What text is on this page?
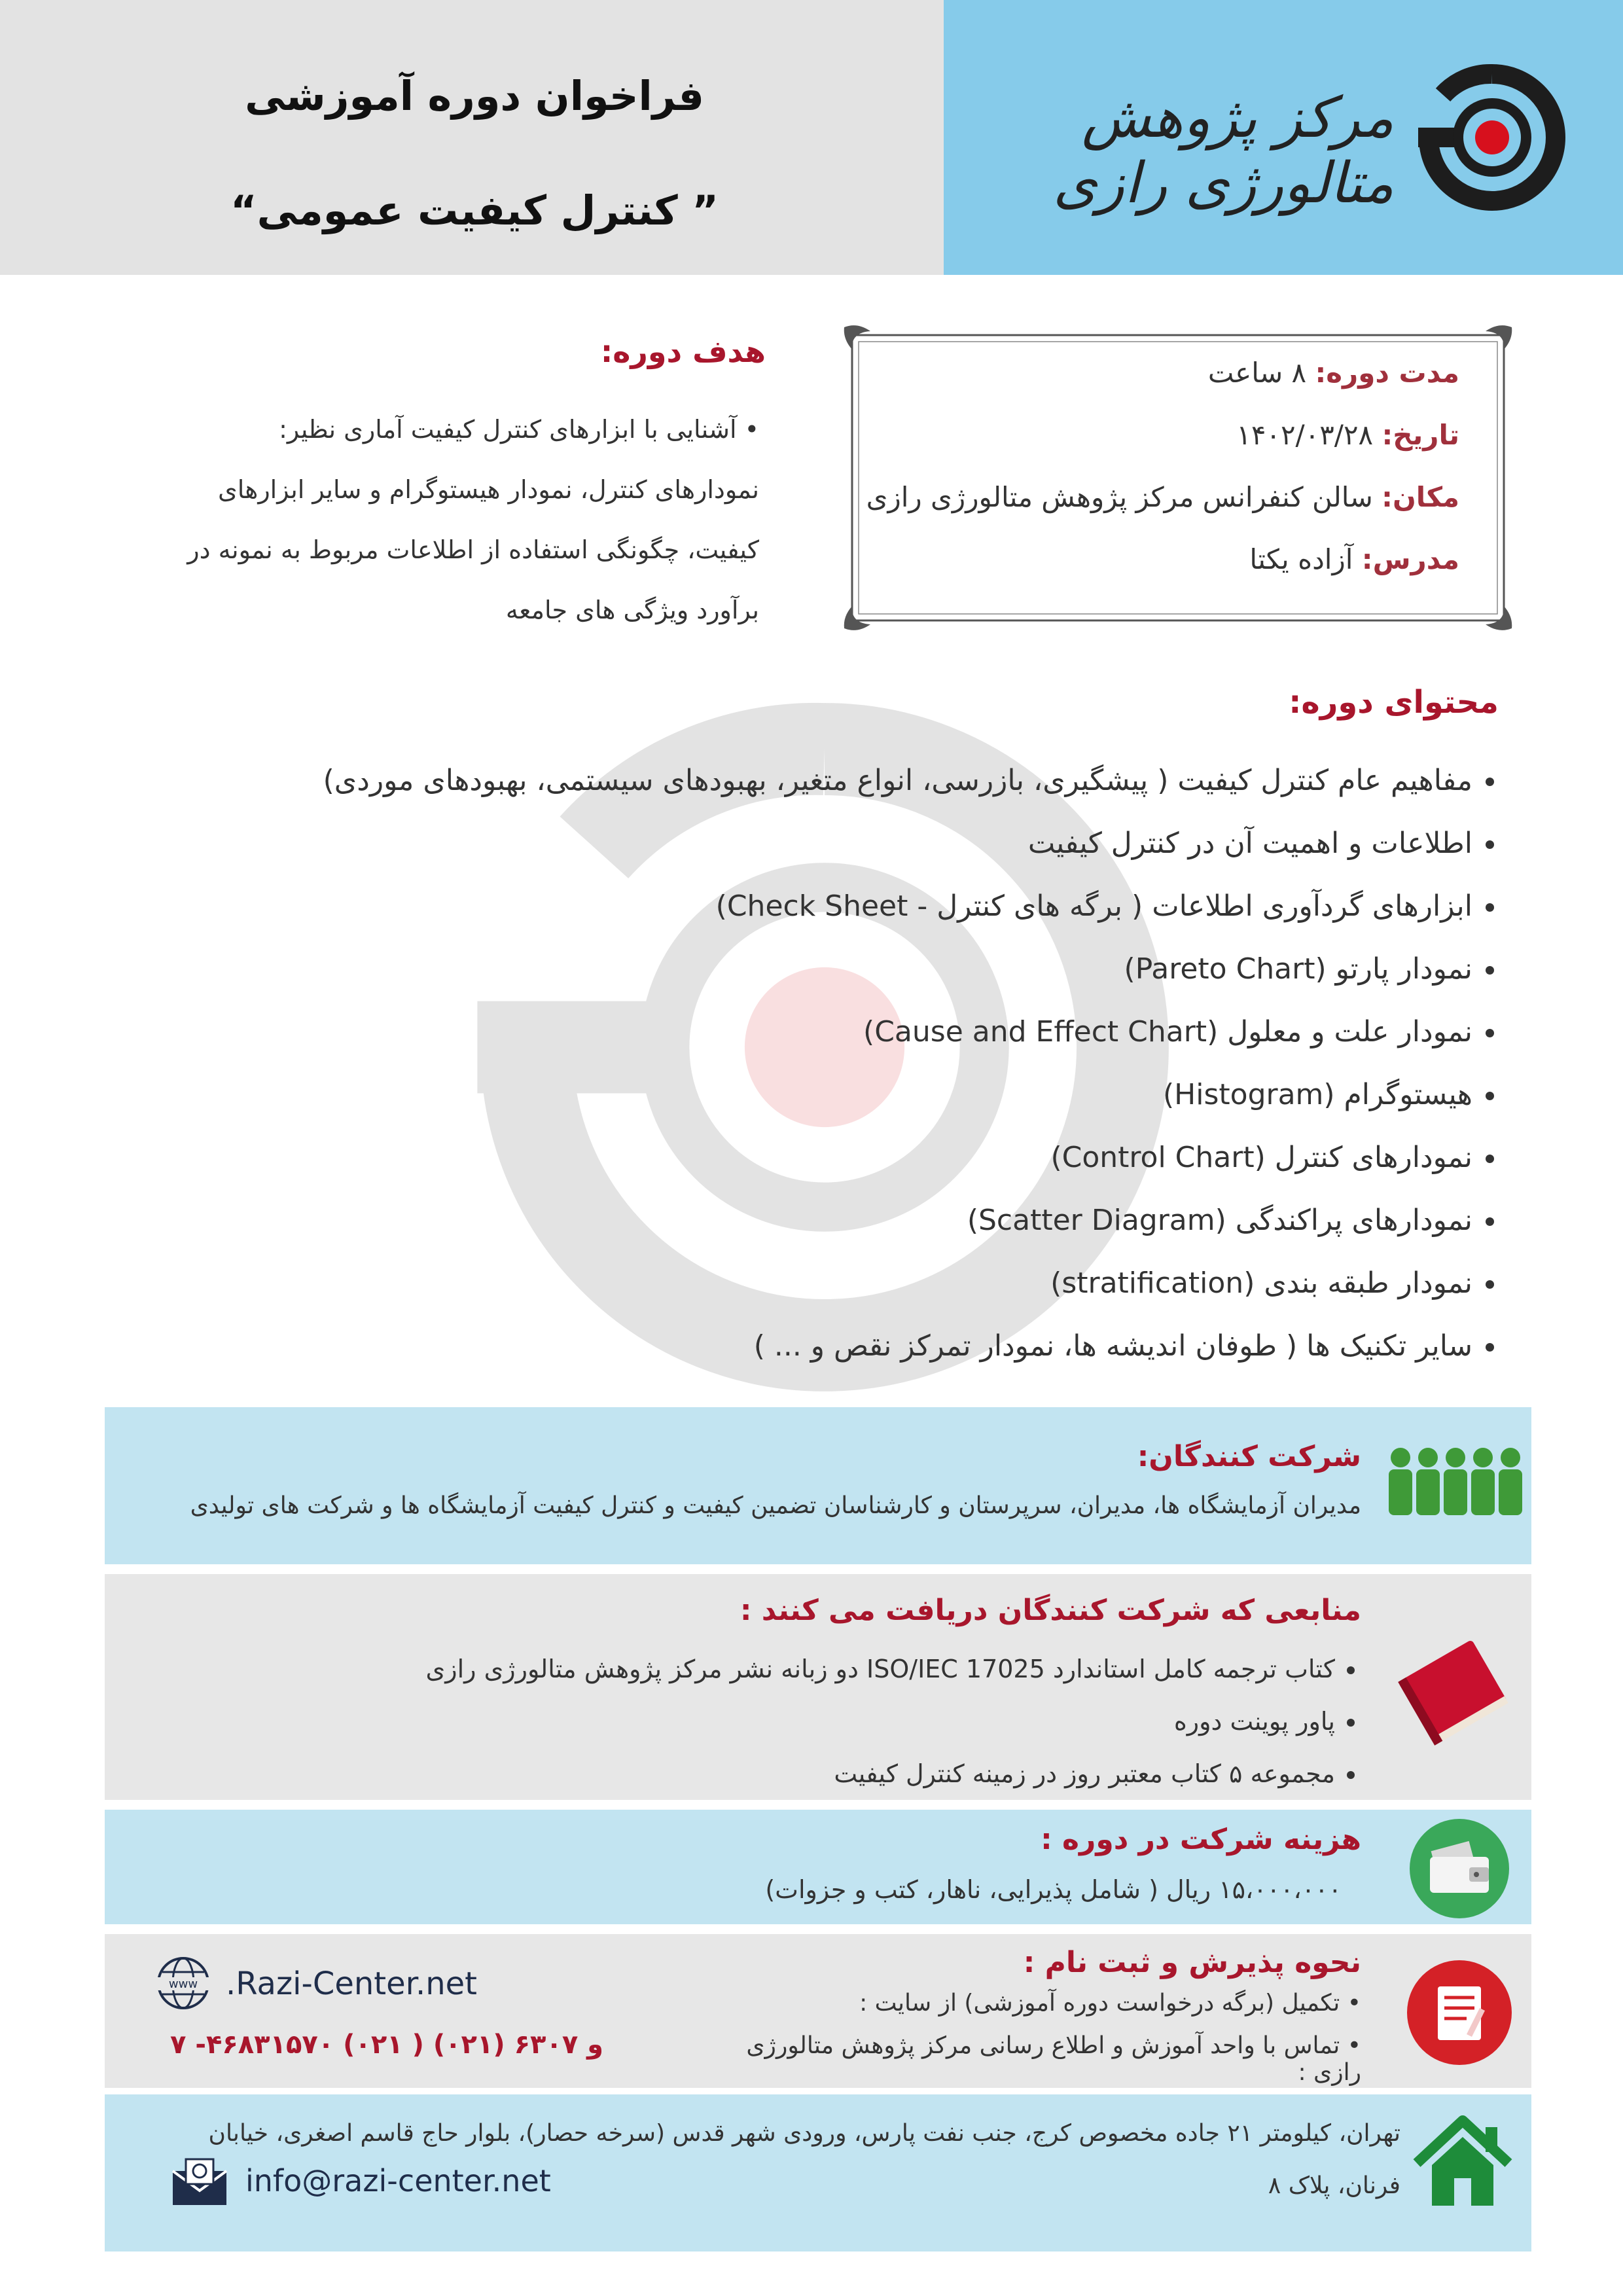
فراخوان دوره آموزشی
” کنترل کیفیت عمومی“
مرکز پژوهش متالورژی رازی
هدف دوره:
• آشنایی با ابزارهای کنترل کیفیت آماری نظیر:
نمودارهای کنترل، نمودار هیستوگرام و سایر ابزارهای
کیفیت، چگونگی استفاده از اطلاعات مربوط به نمونه در
برآورد ویژگی های جامعه
مدت دوره: ۸ ساعت
تاریخ: ۱۴۰۲/۰۳/۲۸
مکان: سالن کنفرانس مرکز پژوهش متالورژی رازی
مدرس: آزاده یکتا
محتوای دوره:
• مفاهیم عام کنترل کیفیت ( پیشگیری، بازرسی، انواع متغیر، بهبودهای سیستمی، بهبودهای موردی)
• اطلاعات و اهمیت آن در کنترل کیفیت
• ابزارهای گردآوری اطلاعات ( برگه های کنترل - Check Sheet)
• نمودار پارتو (Pareto Chart)
• نمودار علت و معلول (Cause and Effect Chart)
• هیستوگرام (Histogram)
• نمودارهای کنترل (Control Chart)
• نمودارهای پراکندگی (Scatter Diagram)
• نمودار طبقه بندی (stratification)
• سایر تکنیک ها ( طوفان اندیشه ها، نمودار تمرکز نقص و ... )
شرکت کنندگان:
مدیران آزمایشگاه ها، مدیران، سرپرستان و کارشناسان تضمین کیفیت و کنترل کیفیت آزمایشگاه ها و شرکت های تولیدی
منابعی که شرکت کنندگان دریافت می کنند :
• کتاب ترجمه کامل استاندارد ISO/IEC 17025 دو زبانه نشر مرکز پژوهش متالورژی رازی
• پاور پوینت دوره
• مجموعه ۵ کتاب معتبر روز در زمینه کنترل کیفیت
هزینه شرکت در دوره :
۱۵،۰۰۰،۰۰۰ ریال ( شامل پذیرایی، ناهار، کتب و جزوات)
نحوه پذیرش و ثبت نام :
• تکمیل (برگه درخواست دوره آموزشی) از سایت :
• تماس با واحد آموزش و اطلاع رسانی مرکز پژوهش متالورژی رازی :
۷ -۴۶۸۳۱۵۷۰ (۰۲۱ ) و ۶۳۰۷ (۰۲۱)
www .Razi-Center.net
تهران، کیلومتر ۲۱ جاده مخصوص کرج، جنب نفت پارس، ورودی شهر قدس (سرخه حصار)، بلوار حاج قاسم اصغری، خیابان
فرنان، پلاک ۸
info@razi-center.net
